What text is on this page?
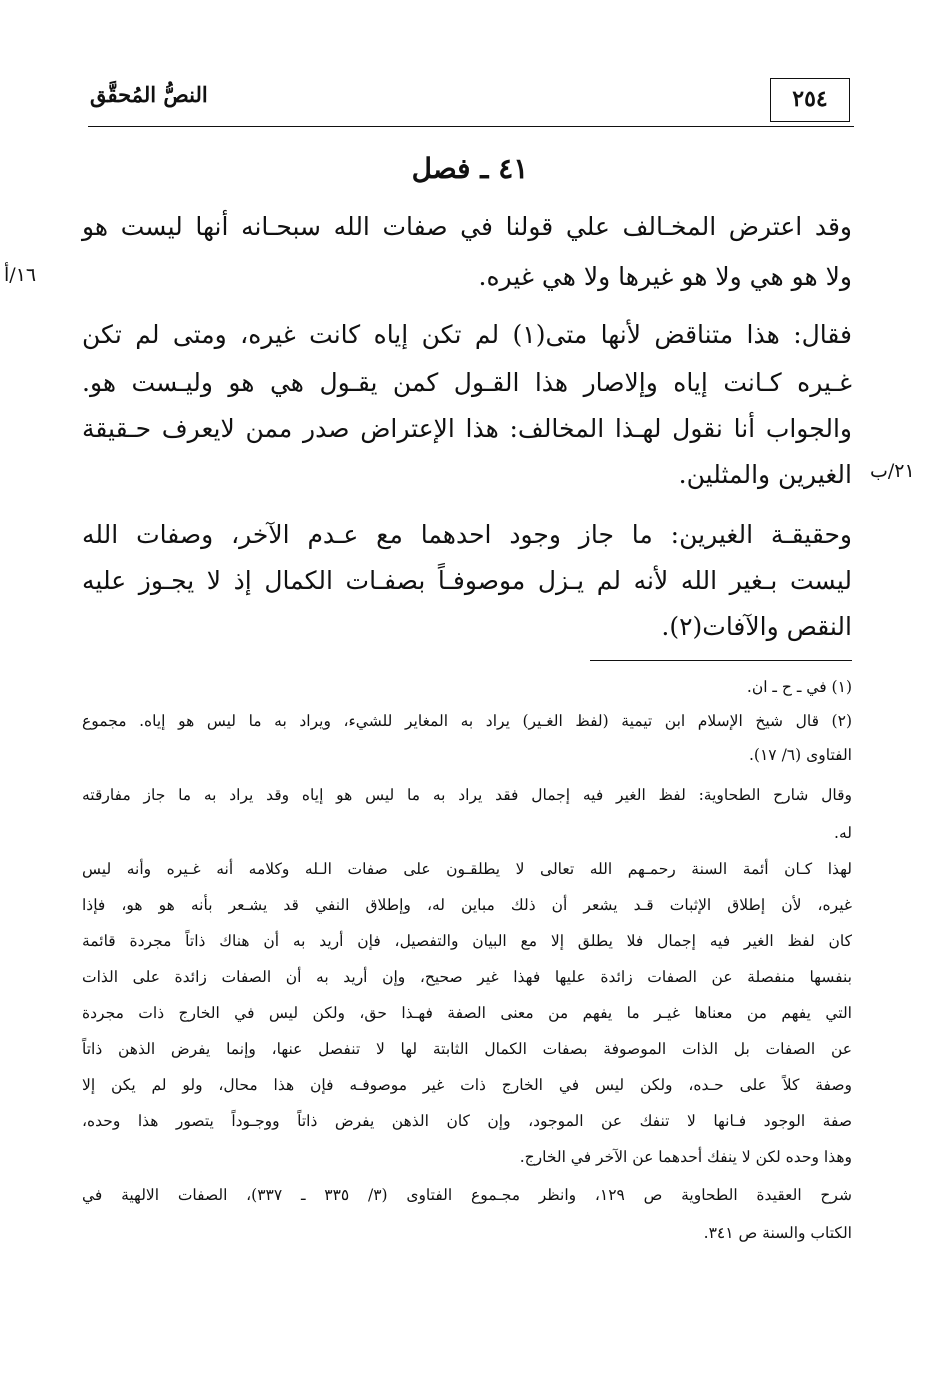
النصُّ المُحقَّق	٢٥٤
٤١ ـ فصل
وقد اعترض المخـالف علي قولنا في صفات الله سبحـانه أنها ليست هو
ولا هو هي ولا هو غيرها ولا هي غيره.
١٦/أ
فقال: هذا متناقض لأنها متى(١) لم تكن إياه كانت غيره، ومتى لم تكن
غـيره كـانت إياه وإلاصار هذا القـول كمن يقـول هي هو وليـست هو.
والجواب أنا نقول لهـذا المخالف: هذا الإعتراض صدر ممن لايعرف حـقيقة
الغيرين والمثلين. ٢١/ب
وحقيقـة الغيرين: ما جاز وجود احدهما مع عـدم الآخر، وصفات الله
ليست بـغير الله لأنه لم يـزل موصوفـاً بصفـات الكمال إذ لا يجـوز عليه
النقص والآفات(٢).
(١) في ـ ح ـ ان.
(٢) قال شيخ الإسلام ابن تيمية (لفظ الغـير) يراد به المغاير للشيء، ويراد به ما ليس هو إياه. مجموع
الفتاوى (٦/ ١٧).
وقال شارح الطحاوية: لفظ الغير فيه إجمال فقد يراد به ما ليس هو إياه وقد يراد به ما جاز مفارقته
له.
لهذا كـان أئمة السنة رحمـهم الله تعالى لا يطلقـون على صفات الـله وكلامه أنه غـيره وأنه ليس
غيره، لأن إطلاق الإثبات قـد يشعر أن ذلك مباين له، وإطلاق النفي قد يشـعر بأنه هو هو، فإذا
كان لفظ الغير فيه إجمال فلا يطلق إلا مع البيان والتفصيل، فإن أريد به أن هناك ذاتاً مجردة قائمة
بنفسها منفصلة عن الصفات زائدة عليها فهذا غير صحيح، وإن أريد به أن الصفات زائدة على الذات
التي يفهم من معناها غيـر ما يفهم من معنى الصفة فهـذا حق، ولكن ليس في الخارج ذات مجردة
عن الصفات بل الذات الموصوفة بصفات الكمال الثابتة لها لا تنفصل عنها، وإنما يفرض الذهن ذاتاً
وصفة كلاً على حـده، ولكن ليس في الخارج ذات غير موصوفـه فإن هذا محال، ولو لم يكن إلا
صفة الوجود فـانها لا تنفك عن الموجود، وإن كان الذهن يفرض ذاتاً ووجـوداً يتصور هذا وحده،
وهذا وحده لكن لا ينفك أحدهما عن الآخر في الخارج.
شرح العقيدة الطحاوية ص ١٢٩، وانظر مجـموع الفتاوى (٣/ ٣٣٥ ـ ٣٣٧)، الصفات الالهية في
الكتاب والسنة ص ٣٤١.
